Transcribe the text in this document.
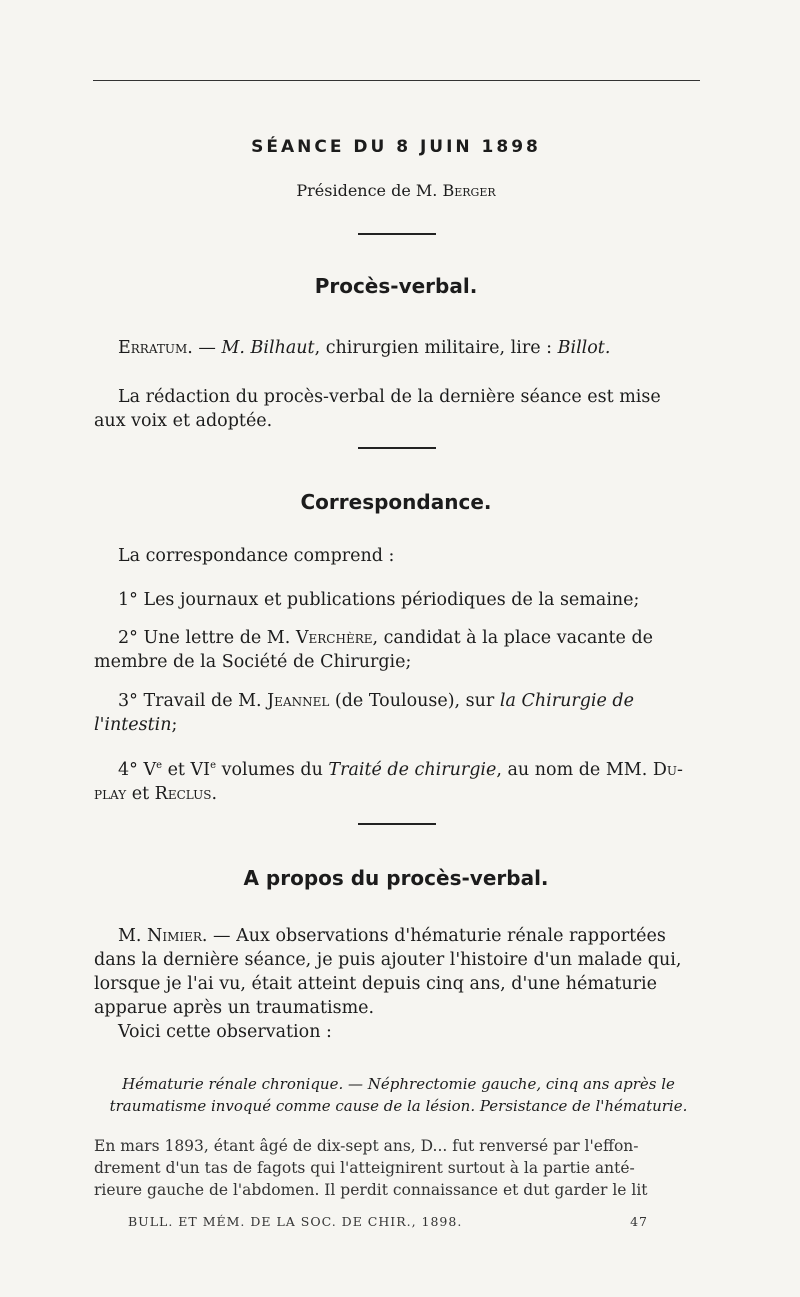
SÉANCE DU 8 JUIN 1898
Présidence de M. Berger
Procès-verbal.
Erratum. — M. Bilhaut, chirurgien militaire, lire : Billot.
La rédaction du procès-verbal de la dernière séance est mise
aux voix et adoptée.
Correspondance.
La correspondance comprend :
1° Les journaux et publications périodiques de la semaine;
2° Une lettre de M. Verchère, candidat à la place vacante de
membre de la Société de Chirurgie;
3° Travail de M. Jeannel (de Toulouse), sur la Chirurgie de
l'intestin;
4° Ve et VIe volumes du Traité de chirurgie, au nom de MM. Du-
play et Reclus.
A propos du procès-verbal.
M. Nimier. — Aux observations d'hématurie rénale rapportées
dans la dernière séance, je puis ajouter l'histoire d'un malade qui,
lorsque je l'ai vu, était atteint depuis cinq ans, d'une hématurie
apparue après un traumatisme.
Voici cette observation :
Hématurie rénale chronique. — Néphrectomie gauche, cinq ans après le
traumatisme invoqué comme cause de la lésion. Persistance de l'hématurie.
En mars 1893, étant âgé de dix-sept ans, D... fut renversé par l'effon-
drement d'un tas de fagots qui l'atteignirent surtout à la partie anté-
rieure gauche de l'abdomen. Il perdit connaissance et dut garder le lit
BULL. ET MÉM. DE LA SOC. DE CHIR., 1898.	47
